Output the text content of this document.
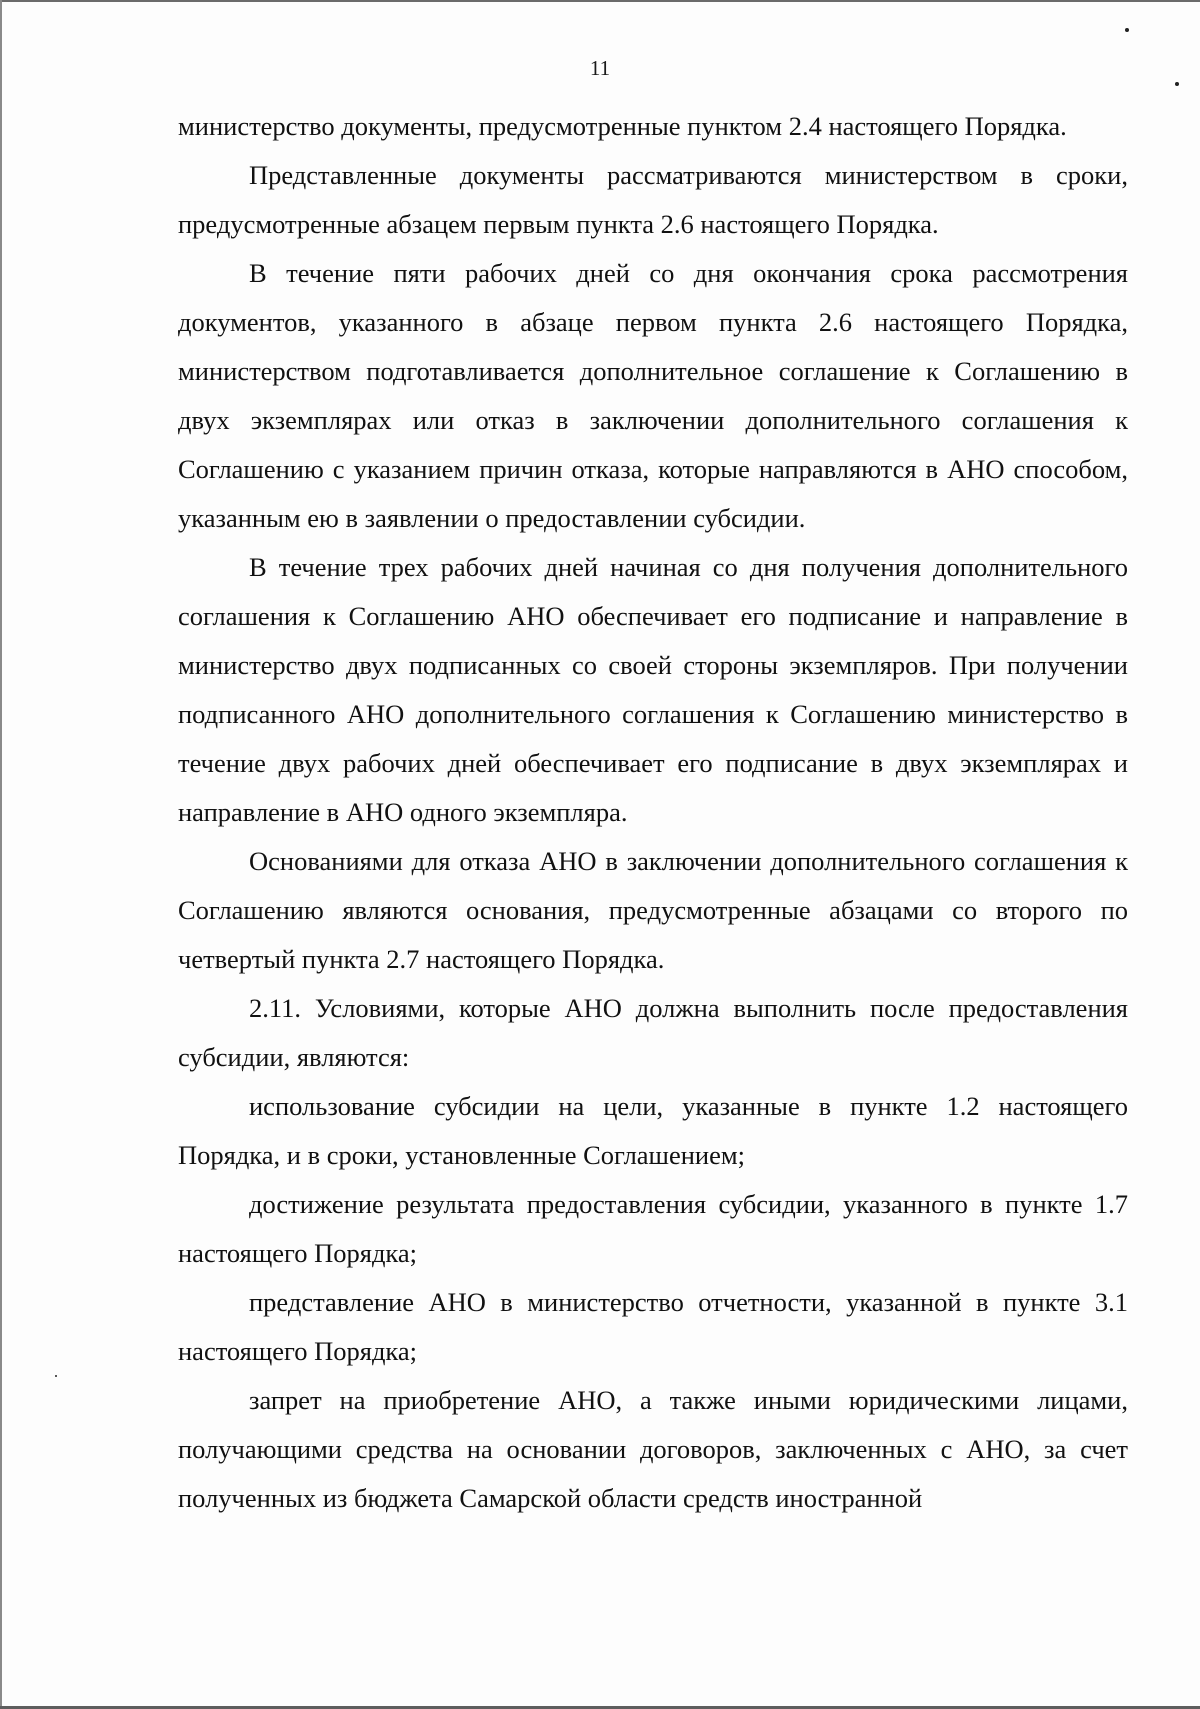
11

министерство документы, предусмотренные пунктом 2.4 настоящего Порядка.

Представленные документы рассматриваются министерством в сроки, предусмотренные абзацем первым пункта 2.6 настоящего Порядка.

В течение пяти рабочих дней со дня окончания срока рассмотрения документов, указанного в абзаце первом пункта 2.6 настоящего Порядка, министерством подготавливается дополнительное соглашение к Соглашению в двух экземплярах или отказ в заключении дополнительного соглашения к Соглашению с указанием причин отказа, которые направляются в АНО способом, указанным ею в заявлении о предоставлении субсидии.

В течение трех рабочих дней начиная со дня получения дополнительного соглашения к Соглашению АНО обеспечивает его подписание и направление в министерство двух подписанных со своей стороны экземпляров. При получении подписанного АНО дополнительного соглашения к Соглашению министерство в течение двух рабочих дней обеспечивает его подписание в двух экземплярах и направление в АНО одного экземпляра.

Основаниями для отказа АНО в заключении дополнительного соглашения к Соглашению являются основания, предусмотренные абзацами со второго по четвертый пункта 2.7 настоящего Порядка.

2.11. Условиями, которые АНО должна выполнить после предоставления субсидии, являются:

использование субсидии на цели, указанные в пункте 1.2 настоящего Порядка, и в сроки, установленные Соглашением;

достижение результата предоставления субсидии, указанного в пункте 1.7 настоящего Порядка;

представление АНО в министерство отчетности, указанной в пункте 3.1 настоящего Порядка;

запрет на приобретение АНО, а также иными юридическими лицами, получающими средства на основании договоров, заключенных с АНО, за счет полученных из бюджета Самарской области средств иностранной
